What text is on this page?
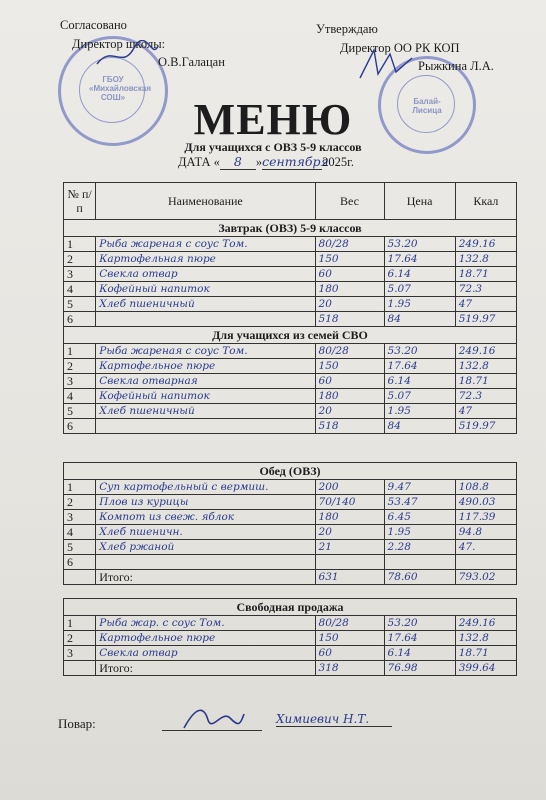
ГБОУ «Михайловская СОШ»	Балай-Лисица
Согласовано
Директор школы:
О.В.Галацан
Утверждаю
Директор ОО РК КОП
Рыжкина Л.А.
МЕНЮ
Для учащихся с ОВЗ 5-9 классов
ДАТА « 8 »сентября2025г.
№ п/п	Наименование	Вес	Цена	Ккал
Завтрак (ОВЗ) 5-9 классов				
1	Рыба жареная с соус Том.	80/28	53.20	249.16
2	Картофельная пюре	150	17.64	132.8
3	Свекла отвар	60	6.14	18.71
4	Кофейный напиток	180	5.07	72.3
5	Хлеб пшеничный	20	1.95	47
6		518	84	519.97
Для учащихся из семей СВО				
1	Рыба жареная с соус Том.	80/28	53.20	249.16
2	Картофельное пюре	150	17.64	132.8
3	Свекла отварная	60	6.14	18.71
4	Кофейный напиток	180	5.07	72.3
5	Хлеб пшеничный	20	1.95	47
6		518	84	519.97
Обед (ОВЗ)				
1	Суп картофельный с вермиш.	200	9.47	108.8
2	Плов из курицы	70/140	53.47	490.03
3	Компот из свеж. яблок	180	6.45	117.39
4	Хлеб пшеничн.	20	1.95	94.8
5	Хлеб ржаной	21	2.28	47.
6				
	Итого:	631	78.60	793.02
Свободная продажа				
1	Рыба жар. с соус Том.	80/28	53.20	249.16
2	Картофельное пюре	150	17.64	132.8
3	Свекла отвар	60	6.14	18.71
	Итого:	318	76.98	399.64
Повар:	Химиевич Н.Т.
